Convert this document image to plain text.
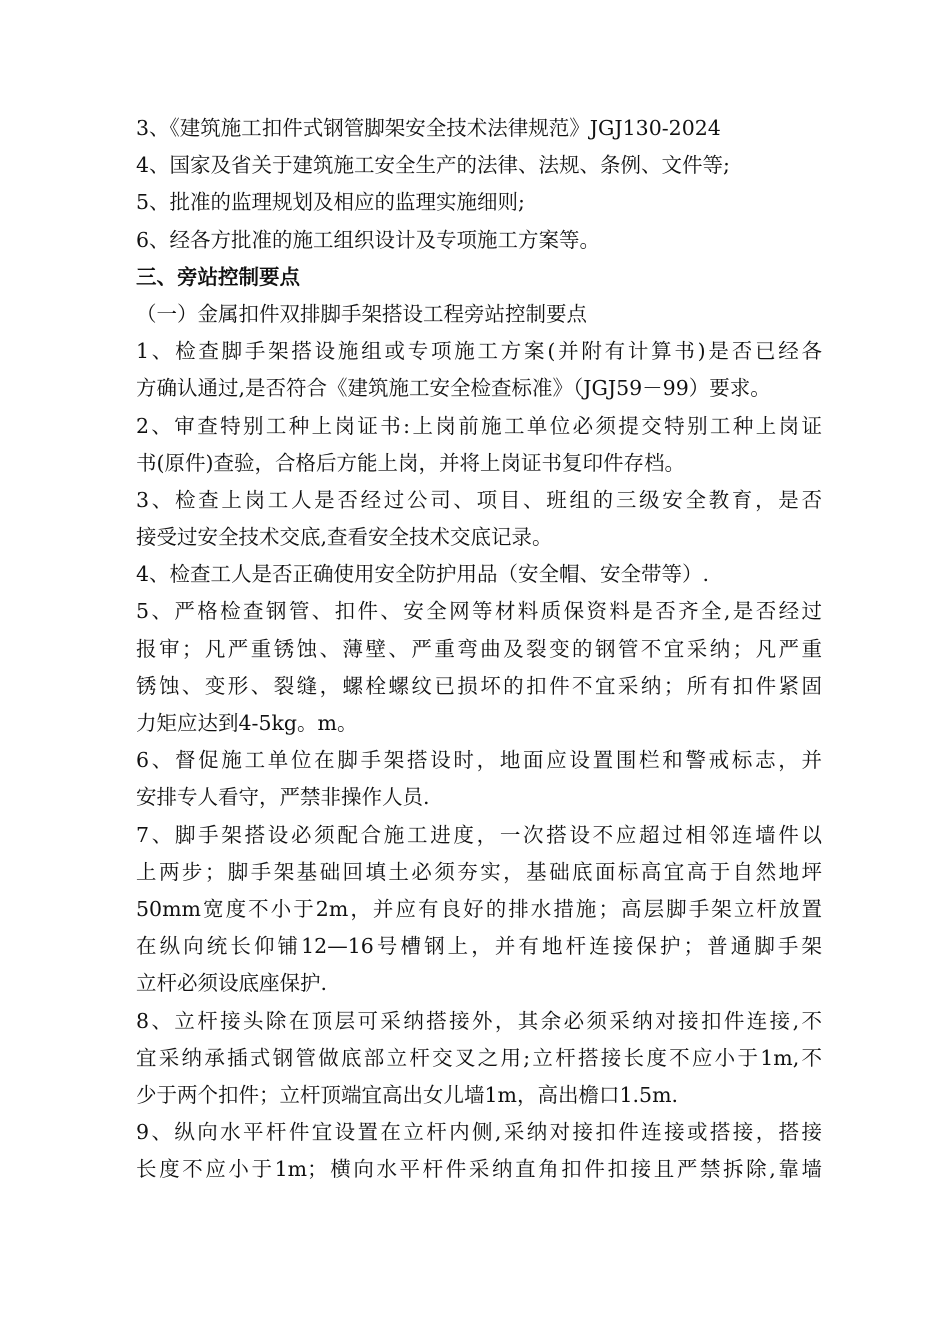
3、《建筑施工扣件式钢管脚架安全技术法律规范》JGJ130-2024
4、国家及省关于建筑施工安全生产的法律、法规、条例、文件等;
5、批准的监理规划及相应的监理实施细则;
6、经各方批准的施工组织设计及专项施工方案等。
三、旁站控制要点
（一）金属扣件双排脚手架搭设工程旁站控制要点
1、检查脚手架搭设施组或专项施工方案(并附有计算书)是否已经各
方确认通过,是否符合《建筑施工安全检查标准》（JGJ59－99）要求。
2、审查特别工种上岗证书:上岗前施工单位必须提交特别工种上岗证
书(原件)查验，合格后方能上岗，并将上岗证书复印件存档。
3、检查上岗工人是否经过公司、项目、班组的三级安全教育，是否
接受过安全技术交底,查看安全技术交底记录。
4、检查工人是否正确使用安全防护用品（安全帽、安全带等）.
5、严格检查钢管、扣件、安全网等材料质保资料是否齐全,是否经过
报审；凡严重锈蚀、薄壁、严重弯曲及裂变的钢管不宜采纳；凡严重
锈蚀、变形、裂缝，螺栓螺纹已损坏的扣件不宜采纳；所有扣件紧固
力矩应达到4-5kg。m。
6、督促施工单位在脚手架搭设时，地面应设置围栏和警戒标志，并
安排专人看守，严禁非操作人员.
7、脚手架搭设必须配合施工进度，一次搭设不应超过相邻连墙件以
上两步；脚手架基础回填土必须夯实，基础底面标高宜高于自然地坪
50mm宽度不小于2m，并应有良好的排水措施；高层脚手架立杆放置
在纵向统长仰铺12—16号槽钢上，并有地杆连接保护；普通脚手架
立杆必须设底座保护.
8、立杆接头除在顶层可采纳搭接外，其余必须采纳对接扣件连接,不
宜采纳承插式钢管做底部立杆交叉之用;立杆搭接长度不应小于1m,不
少于两个扣件；立杆顶端宜高出女儿墙1m，高出檐口1.5m.
9、纵向水平杆件宜设置在立杆内侧,采纳对接扣件连接或搭接，搭接
长度不应小于1m；横向水平杆件采纳直角扣件扣接且严禁拆除,靠墙
